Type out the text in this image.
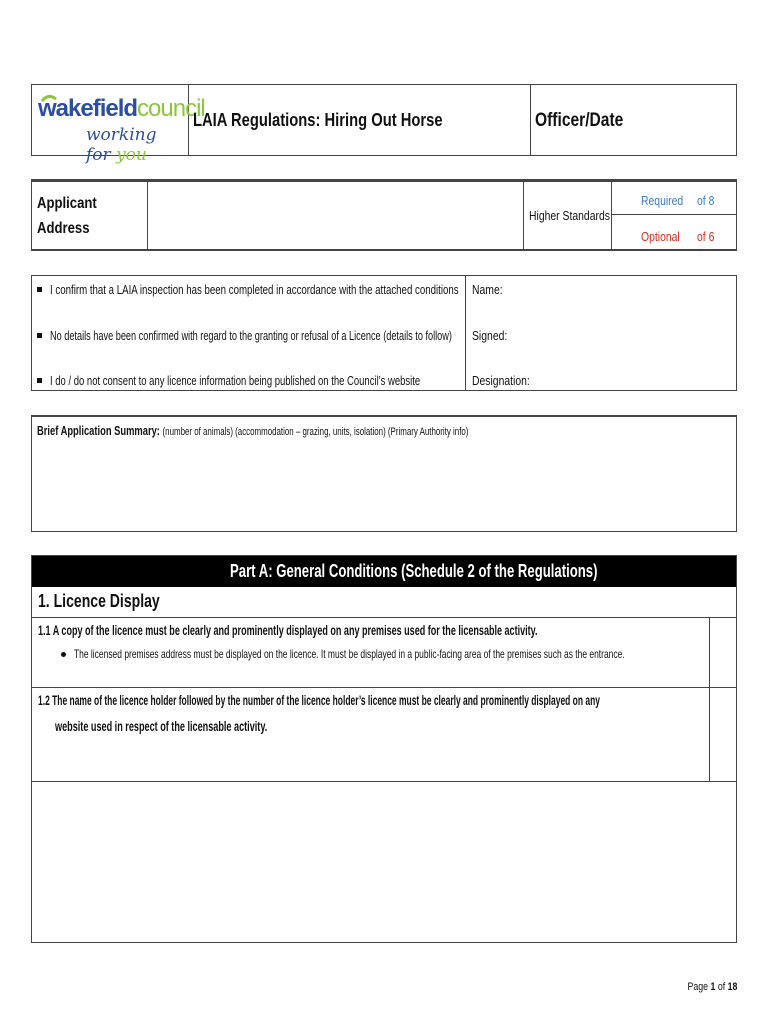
wakefieldcouncil
working for you
LAIA Regulations: Hiring Out Horse	Officer/Date
Applicant
Address
Higher Standards
Required of 8
Optional of 6
I confirm that a LAIA inspection has been completed in accordance with the attached conditions
No details have been confirmed with regard to the granting or refusal of a Licence (details to follow)
I do / do not consent to any licence information being published on the Council’s website
Name:
Signed:
Designation:
Brief Application Summary: (number of animals) (accommodation – grazing, units, isolation) (Primary Authority info)
Part A: General Conditions (Schedule 2 of the Regulations)
1. Licence Display
1.1 A copy of the licence must be clearly and prominently displayed on any premises used for the licensable activity.
The licensed premises address must be displayed on the licence. It must be displayed in a public-facing area of the premises such as the entrance.
1.2 The name of the licence holder followed by the number of the licence holder’s licence must be clearly and prominently displayed on any
website used in respect of the licensable activity.
Page 1 of 18
